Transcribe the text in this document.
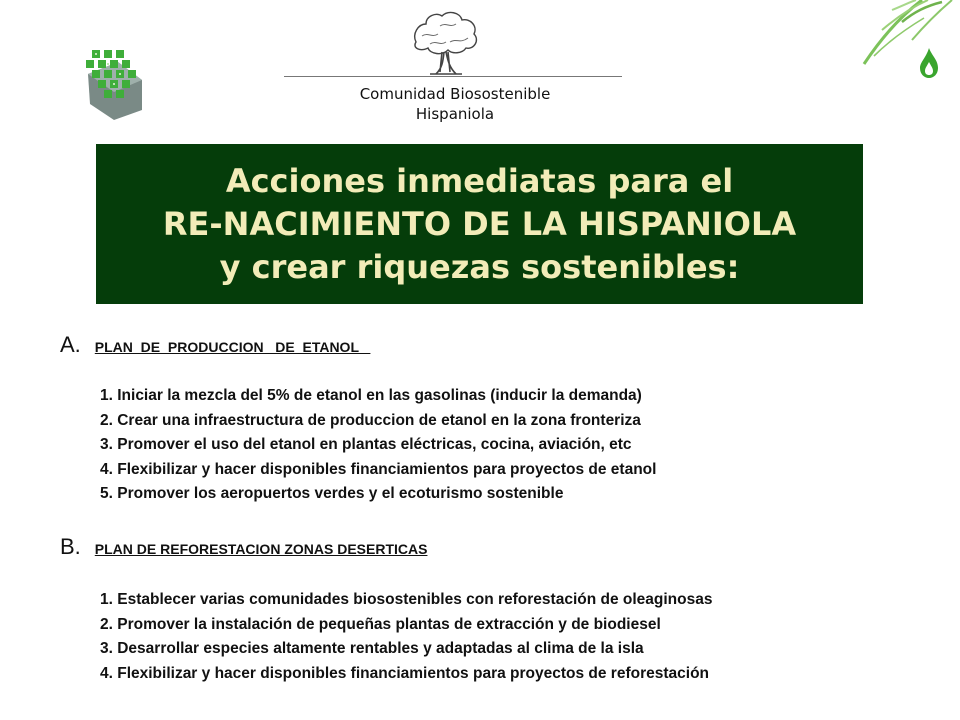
Comunidad Biosostenible
Hispaniola
Acciones inmediatas para el
RE-NACIMIENTO DE LA HISPANIOLA
y crear riquezas sostenibles:
A. PLAN  DE  PRODUCCION   DE  ETANOL
1. Iniciar la mezcla del 5% de etanol en las gasolinas (inducir la demanda)
2. Crear una infraestructura de produccion de etanol en la zona fronteriza
3. Promover el uso del etanol en plantas eléctricas, cocina, aviación, etc
4. Flexibilizar y hacer disponibles financiamientos para proyectos de etanol
5. Promover los aeropuertos verdes y el ecoturismo sostenible
B. PLAN DE REFORESTACION ZONAS DESERTICAS
1. Establecer varias comunidades biosostenibles con reforestación de oleaginosas
2. Promover la instalación de pequeñas plantas de extracción y de biodiesel
3. Desarrollar especies altamente rentables y adaptadas al clima de la isla
4. Flexibilizar y hacer disponibles financiamientos para proyectos de reforestación
